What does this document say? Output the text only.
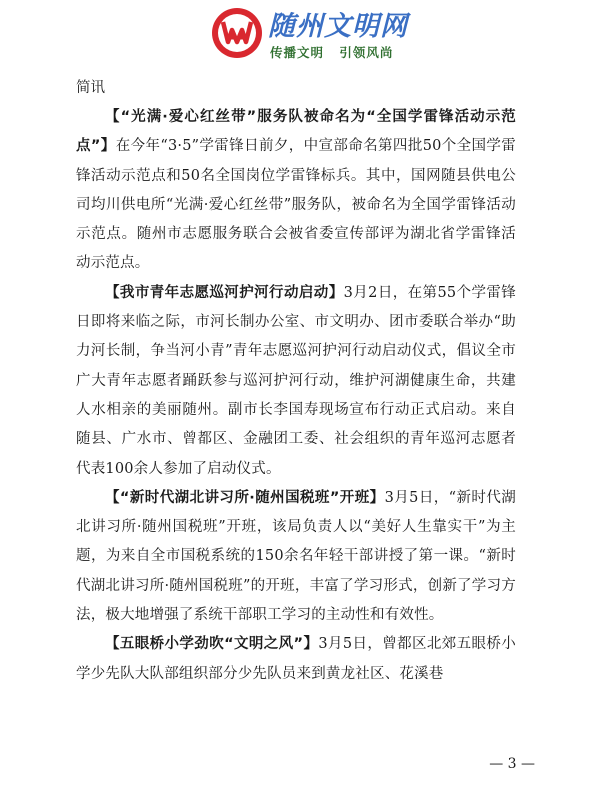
随州文明网
传播文明 引领风尚
简讯

【“光满·爱心红丝带”服务队被命名为“全国学雷锋活动示范点”】在今年“3·5”学雷锋日前夕，中宣部命名第四批50个全国学雷锋活动示范点和50名全国岗位学雷锋标兵。其中，国网随县供电公司均川供电所“光满·爱心红丝带”服务队，被命名为全国学雷锋活动示范点。随州市志愿服务联合会被省委宣传部评为湖北省学雷锋活动示范点。

【我市青年志愿巡河护河行动启动】3月2日，在第55个学雷锋日即将来临之际，市河长制办公室、市文明办、团市委联合举办“助力河长制，争当河小青”青年志愿巡河护河行动启动仪式，倡议全市广大青年志愿者踊跃参与巡河护河行动，维护河湖健康生命，共建人水相亲的美丽随州。副市长李国寿现场宣布行动正式启动。来自随县、广水市、曾都区、金融团工委、社会组织的青年巡河志愿者代表100余人参加了启动仪式。

【“新时代湖北讲习所·随州国税班”开班】3月5日，“新时代湖北讲习所·随州国税班”开班，该局负责人以“美好人生靠实干”为主题，为来自全市国税系统的150余名年轻干部讲授了第一课。“新时代湖北讲习所·随州国税班”的开班，丰富了学习形式，创新了学习方法，极大地增强了系统干部职工学习的主动性和有效性。

【五眼桥小学劲吹“文明之风”】3月5日，曾都区北郊五眼桥小学少先队大队部组织部分少先队员来到黄龙社区、花溪巷

— 3 —
